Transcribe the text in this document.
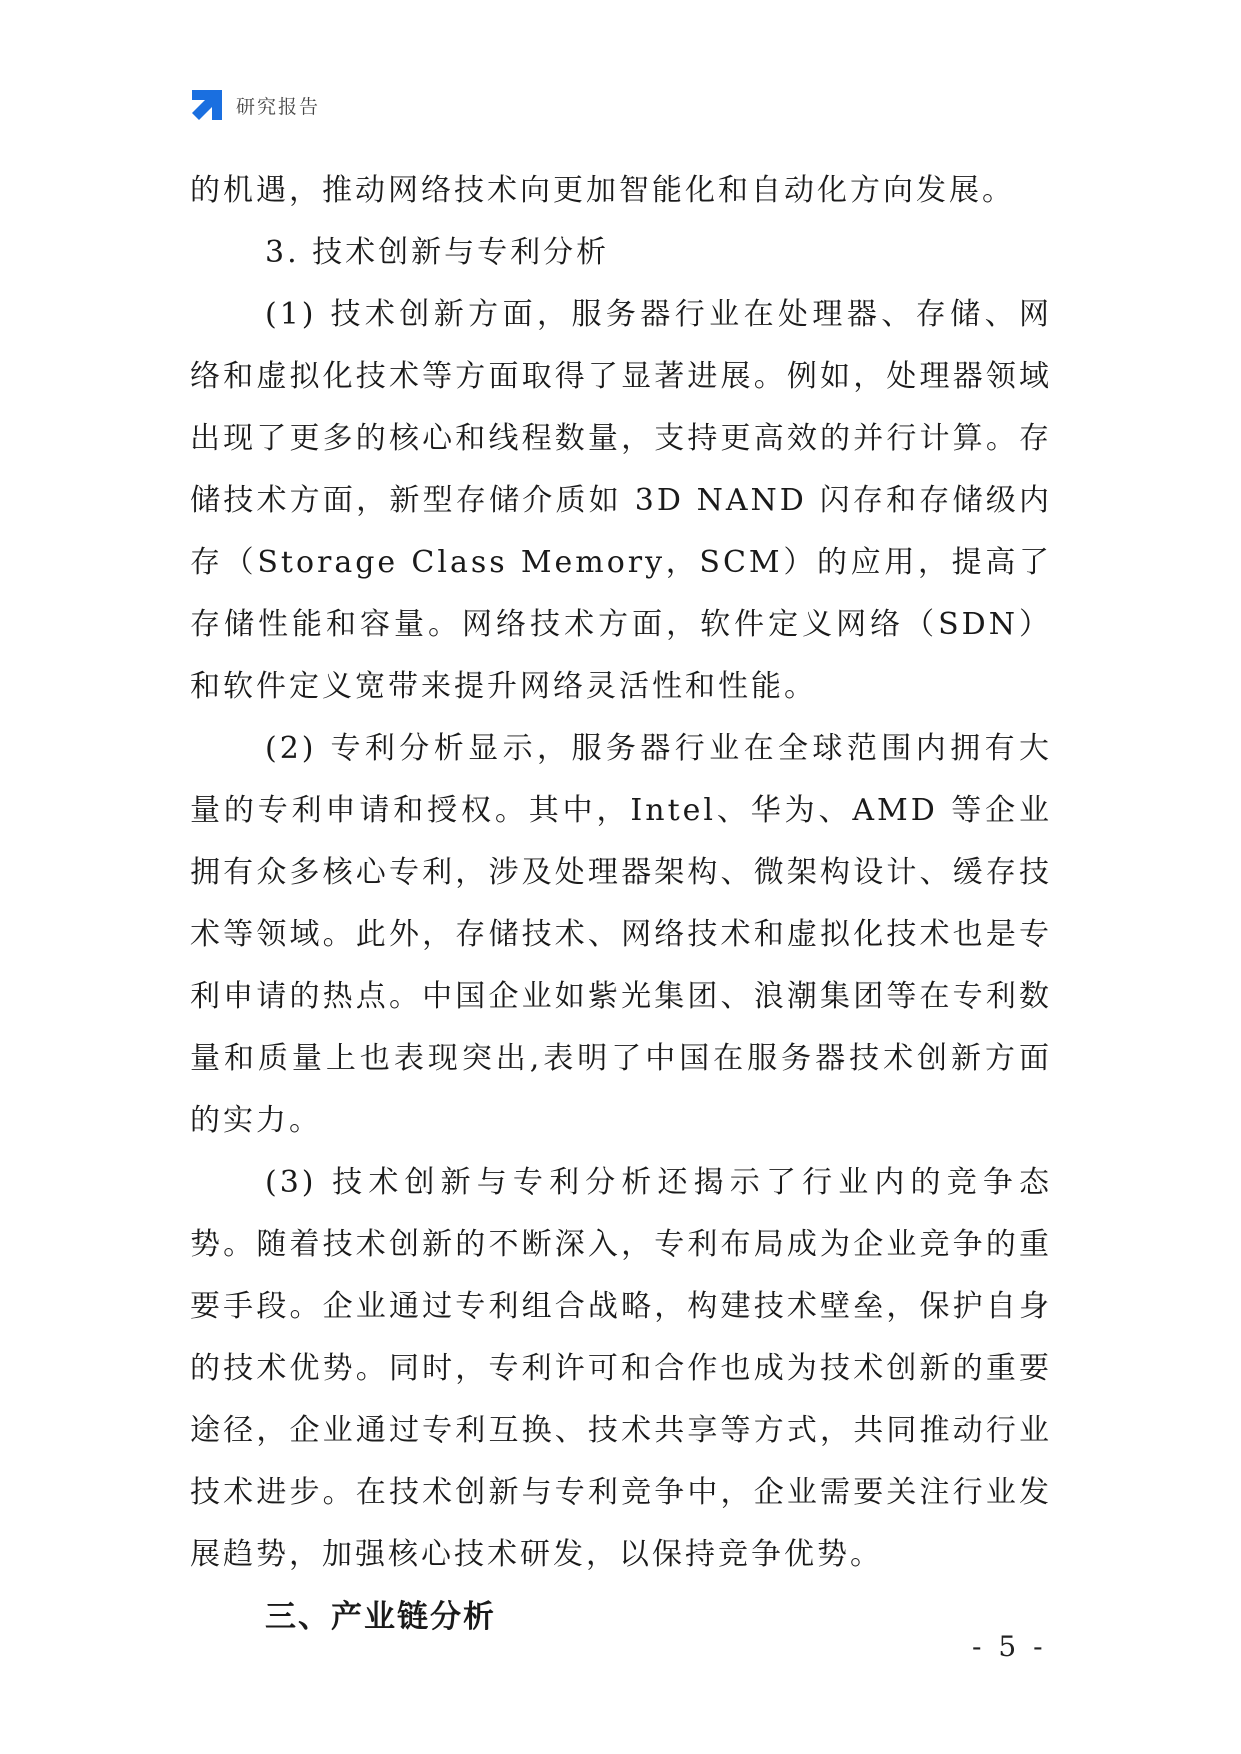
研究报告

的机遇，推动网络技术向更加智能化和自动化方向发展。

3. 技术创新与专利分析

(1) 技术创新方面，服务器行业在处理器、存储、网络和虚拟化技术等方面取得了显著进展。例如，处理器领域出现了更多的核心和线程数量，支持更高效的并行计算。存储技术方面，新型存储介质如 3D NAND 闪存和存储级内存（Storage Class Memory，SCM）的应用，提高了存储性能和容量。网络技术方面，软件定义网络（SDN）和软件定义宽带来提升网络灵活性和性能。

(2) 专利分析显示，服务器行业在全球范围内拥有大量的专利申请和授权。其中，Intel、华为、AMD 等企业拥有众多核心专利，涉及处理器架构、微架构设计、缓存技术等领域。此外，存储技术、网络技术和虚拟化技术也是专利申请的热点。中国企业如紫光集团、浪潮集团等在专利数量和质量上也表现突出,表明了中国在服务器技术创新方面的实力。

(3) 技术创新与专利分析还揭示了行业内的竞争态势。随着技术创新的不断深入，专利布局成为企业竞争的重要手段。企业通过专利组合战略，构建技术壁垒，保护自身的技术优势。同时，专利许可和合作也成为技术创新的重要途径，企业通过专利互换、技术共享等方式，共同推动行业技术进步。在技术创新与专利竞争中，企业需要关注行业发展趋势，加强核心技术研发，以保持竞争优势。

三、产业链分析

- 5 -
